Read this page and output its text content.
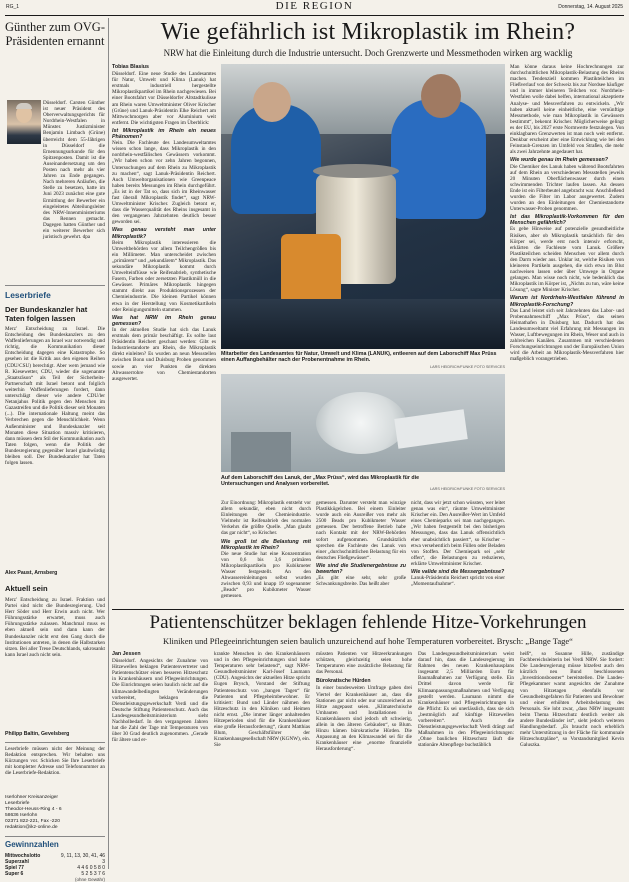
RG_1	DIE REGION	Donnerstag, 14. August 2025
Günther zum OVG-Präsidenten ernannt

Düsseldorf. Carsten Günther ist neuer Präsident des Oberverwaltungsgerichts für Nordrhein-Westfalen in Münster. Justizminister Benjamin Limbach (Grüne) überreicht dem 55-Jährigen in Düsseldorf die Ernennungsurkunde für den Spitzenposten. Damit ist die Auseinandersetzung um den Posten nach mehr als vier Jahren zu Ende gegangen. Nach mehreren Anläufen, die Stelle zu besetzen, hatte im Juni 2023 zunächst eine gute Ermittlung der Bewerber ein eingeleitetes Abteilungsleiter des NRW-Innenministeriums das Rennen gemacht. Dagegen hatten Günther und ein weiterer Bewerber sich juristisch gewehrt. dpa

Leserbriefe
Der Bundeskanzler hat Taten folgen lassen
Merz' Entscheidung zu Israel. Die Entscheidung des Bundeskanzlers zu den Waffenlieferungen an Israel war notwendig und richtig, die Kommunikation dieser Entscheidung dagegen eine Katastrophe. So gesehen ist die Kritik aus den eigenen Reihen (CDU/CSU) berechtigt. Aber wem jemand wie R. Kiesewetter, CDU, wieder die sogenannte „Staatsräson“ als Teil der Sicherheits-Partnerschaft mit Israel betont und folglich weiterhin Waffenlieferungen fordert, dann unterschlägt dieser wie andere CDU/ler Netanjahus Politik gegen den Menschen im Gazastreifen und die Politik dieser seit Monaten (...). Die internationale Haltung meint das Verbrechen gegen die Menschlichkeit. Wenn Außenminister und Bundeskanzler seit Monaten diese Situation massiv kritisieren, dann müssen dem Stil der Kommunikation auch Taten folgen, wenn die Politik der Bundesregierung gegenüber Israel glaubwürdig bleiben soll. Der Bundeskanzler hat Taten folgen lassen.
Alex Paust, Arnsberg
Aktuell sein
Merz' Entscheidung zu Israel. Fraktion und Partei sind nicht die Bundesregierung. Und Herr Söder und Herr Erwin auch nicht. Wer Führungsstärke erwartet, muss auch Führungsstärke zulassen. Manchmal muss es eben aktuell sein und dann kann der Bundeskanzler nicht erst den Gang durch die Institutionen antreten, in denen die Halbstarken sitzen. Bei aller Treue Deutschlands, sakrosankt kann Israel auch nicht sein.
Philipp Baltin, Gevelsberg
Leserbriefe müssen nicht der Meinung der Redaktion entsprechen. Wir behalten uns Kürzungen vor. Schicken Sie Ihre Leserbriefe mit kompletter Adresse und Telefonnummer an die Leserbriefe-Redaktion.
Iserlohner Kreisanzeiger
Leserbriefe
Theodor-Heuss-Ring 4 - 6
58636 Iserlohn
02371 822-221, Fax -220
redaktion@ikz-online.de
Gewinnzahlen
Mittwochslotto	9, 11, 13, 30, 41, 46
Superzahl	3
Spiel 77	4 4 6 0 5 8 0
Super 6	5 2 5 3 7 6
(ohne Gewähr)
Wie gefährlich ist Mikroplastik im Rhein?
NRW hat die Einleitung durch die Industrie untersucht. Doch Grenzwerte und Messmethoden wirken arg wacklig

Tobias Blasius

Düsseldorf. Eine neue Studie des Landesamtes für Natur, Umwelt und Klima (Lanuk) hat erstmals industriell hergestellte Mikroplastikpartikel im Rhein nachgewiesen. Bei einer Bootsfahrt vor Düsseldorfer Altstadtkulisse am Rhein waren Umweltminister Oliver Krischer (Grüne) und Lanuk-Präsidentin Elke Reichert am Mittwochmorgen aber vor Aluminium weit entfernt. Die wichtigsten Fragen im Überblick:

Ist Mikroplastik im Rhein ein neues Phänomen?

Nein. Die Fachleute des Landesumweltamtes wissen schon lange, dass Mikroplastik in den nordrhein-westfälischen Gewässern vorkommt. „Wir haben schon vor zehn Jahren begonnen, Untersuchungen auf dem Rhein zu Mikroplastik zu machen“, sagt Lanuk-Präsidentin Reichert. Auch Umweltorganisationen wie Greenpeace haben bereits Messungen im Rhein durchgeführt. „Es ist in der Tat so, dass sich im Rheinwasser fast überall Mikroplastik findet“, sagt NRW-Umweltminister Krischer. Zugleich betont er, dass die Wasserqualität des Rheins insgesamt in den vergangenen Jahrzehnten deutlich besser geworden sei.

Was genau versteht man unter Mikroplastik?

Beim Mikroplastik interessieren die Umweltbehörden vor allem Teilchengrößen bis ein Millimeter. Man unterscheidet zwischen „primärem“ und „sekundärem“ Mikroplastik. Das sekundäre Mikroplastik kommt durch Umwelteinflüsse wie Reifenabrieb, synthetische Fasern, Farben oder zersetzten Plastikmüll in die Gewässer. Primäres Mikroplastik hingegen stammt direkt aus Produktionsprozessen der Chemieindustrie. Die kleinen Partikel können etwa in der Herstellung von Kosmetikartikeln oder Reinigungsmitteln stammen.

Was hat NRW im Rhein genau gemessen?

In der aktuellen Studie hat sich das Lanuk erstmals dem primär beschäftigt. Es sollte laut Präsidentin Reichert geschaut werden: Gibt es Industriestandorte am Rhein, die Mikroplastik direkt einleiten? Es wurden an neun Messstellen zwischen Bonn und Duisburg Proben genommen sowie an vier Punkten die direkten Abwasserrohre von Chemiestandorten ausgewertet.

Mitarbeiter des Landesamtes für Natur, Umwelt und Klima (LANUK), entleeren auf dem Laborschiff Max Prüss einen Auffangbehälter nach der Probenentnahme im Rhein.
LARS HEIDRICH/FUNKE FOTO SERVICES
Auf dem Laborschiff des Lanuk, der „Max Prüss“, wird das Mikroplastik für die Untersuchungen und Analysen vorbereitet.
LARS HEIDRICH/FUNKE FOTO SERVICES

Zur Einordnung: Mikroplastik entsteht vor allem sekundär, eben nicht durch Einleitungen der Chemieindustrie. Vielmehr ist Reifenabrieb des normalen Verkehrs die größte Quelle. „Man glaubt das gar nicht“, so Krischer.

Wie groß ist die Belastung mit Mikroplastik im Rhein?

Die neue Studie hat eine Konzentration von 0,6 bis 3,6 primären Mikroplastikpartikeln pro Kubikmeter Wasser festgestellt. An den Abwassereinleitungen selbst wurden zwischen 0,93 und knapp 19 sogenannter „Beads“ pro Kubikmeter Wasser gemessen.

gemessen. Darunter versteht man winzige Plastikkügelchen. Bei einem Einleiter wurde auch ein Ausreißer von mehr als 2500 Beads pro Kubikmeter Wasser gemessen. Der betroffene Betrieb habe nach Kontakt mit der NRW-Behörden sofort aufgenommen. Grundsätzlich sprechen die Fachleute des Lanuk von einer „durchschnittlichen Belastung für ein deutsches Fließgewässer“.

Wie sind die Studienergebnisse zu bewerten?

„Es gibt eine sehr, sehr große Schwankungsbreite. Das heißt aber

nicht, dass wir jetzt schon wüssten, wer leitet genau was ein“, räumte Umweltminister Krischer ein. Den Ausreißer-Wert im Umfeld eines Chemieparks sei man nachgegangen. „Wir haben festgestellt bei den bisherigen Messungen, dass das Lanuk offensichtlich eher unabsichtlich passiert“, so Krischer – etwa versehentlich beim Füllen oder Beladen von Stoffen. Der Chemiepark sei „sehr offen“, die Belastungen zu reduzieren, erklärte Umweltminister Krischer.

Wie valide sind die Messergebnisse?

Lanuk-Präsidentin Reichert spricht von einer „Momentaufnahme“.

Man könne daraus keine Hochrechnungen zur durchschnittlichen Mikroplastik-Belastung des Rheins machen. Tendenziell kommen Plastikteilchen im Fließverlauf von der Schweiz bis zur Nordsee häufiger und in immer kleineren Teilchen vor. Nordrhein-Westfalen wolle dabei helfen, international akzeptierte Analyse- und Messverfahren zu entwickeln. „Wir haben aktuell keine einheitliche, eine vernünftige Messmethode, wie man Mikroplastik in Gewässern bestimmt“, bekennt Krischer. Möglicherweise gelingt es der EU, bis 2027 erste Normwerte festzulegen. Von einklagbaren Grenzwerten ist man noch weit entfernt. Denkbar erscheint aber eine Entwicklung wie bei den Feinstaub-Grenzen im Umfeld von Straßen, die mehr als zwei Jahrzehnte angedauert hat.

Wie wurde genau im Rhein gemessen?

Die Chemiker des Lanuk haben während Bootsfahrten auf dem Rhein an verschiedenen Messstellen jeweils 20 Minuten Oberflächenwasser durch einen schwimmenden Trichter laufen lassen. An dessen Ende ist ein Filterbeutel angebracht war. Anschließend wurden die Filter im Labor ausgewertet. Zudem wurden an den Einleitungen der Chemiestandorte Unterwasser-Proben genommen.

Ist das Mikroplastik-Vorkommen für den Menschen gefährlich?

Es gebe Hinweise auf potenzielle gesundheitliche Risiken, aber ob Mikroplastik tatsächlich für den Körper sei, werde erst noch intensiv erforscht, erklärten die Fachleute vom Lanuk. Größere Plastikteilchen scheiden Menschen vor allem durch den Darm wieder aus. Unklar ist, welche Risiken von kleineren Partikeln ausgehen, die sich etwa im Blut nachweisen lassen oder über Umwege in Organe gelangen. Man wisse noch nicht, wie bedenklich das Mikroplastik im Körper ist, „Nichts zu tun, wäre keine Lösung“, sagte Minister Krischer.

Warum ist Nordrhein-Westfalen führend in Mikroplastik-Forschung?

Das Land leistet sich seit Jahrzehnten das Labor- und Probennahmeschiff „Max Prüss“, das seinen Heimathafen in Duisburg hat. Dadurch hat das Landesumweltamt viel Erfahrung mit Messungen im Wasser, Luftbewegungen im Rhein, Weser und auch in zahlreichen Kanälen. Zusammen mit verschiedenen Forschungseinrichtungen und der Europäischen Union wird die Arbeit an Mikroplastik-Messverfahren hier maßgeblich vorangetrieben.

Patientenschützer beklagen fehlende Hitze-Vorkehrungen
Kliniken und Pflegeeinrichtungen seien baulich unzureichend auf hohe Temperaturen vorbereitet. Brysch: „Bange Tage“

Jan Jessen

Düsseldorf. Angesichts der Zunahme von Hitzewellen beklagen Patientenvertreter und Patientenschützer einen besseren Hitzeschutz in Krankenhäusern und Pflegeeinrichtungen. Die Einrichtungen seien baulich nicht auf die klimawandelbedingten Veränderungen vorbereitet, beklagen die Dienstleistungsgewerkschaft Verdi und die Deutsche Stiftung Patientenschutz. Auch das Landesgesundheitsministerium sieht Nachholbedarf. In den vergangenen Jahren hat die Zahl der Tage mit Temperaturen von über 30 Grad deutlich zugenommen. „Gerade für ältere und er-

krankte Menschen in den Krankenhäusern und in den Pflegeeinrichtungen sind hohe Temperaturen sehr belastend“, sagt NRW-Gesundheitsminister Karl-Josef Laumann (CDU). Angesichts der aktuellen Hitze spricht Eugen Brysch, Vorstand der Stiftung Patientenschutz von „bangen Tagen“ für Patienten und Pflegeheimbewohner. Er kritisiert: Bund und Länder nähmen den Hitzeschutz in den Kliniken und Heimen nicht ernst. „Die immer länger anhaltenden Hitzeperioden sind für die Krankenhäuser eine große Herausforderung“, räumt Matthias Blum, Geschäftsführer der Krankenhausgesellschaft NRW (KGNW), ein. Sie

müssten Patienten vor Hitzeerkrankungen schützen, gleichzeitig seien hohe Temperaturen eine zusätzliche Belastung für das Personal.

Bürokratische Hürden

In einer bundesweiten Umfrage gaben drei Viertel der Krankenhäuser an, dass die Stationen gar nicht oder nur unzureichend an Hitze angepasst seien. „Klimatechnische Umbauten und Installationen in Krankenhäusern sind jedoch oft schwierig, allein in den älteren Gebäuden“, so Blum. Hinzu kämen bürokratische Hürden. Die Anpassung an den Klimawandel sei für die Krankenhäuser eine „enorme finanzielle Herausforderung“.

Das Landesgesundheitsministerium weist darauf hin, dass die Landesregierung im Rahmen des neuen Krankenhausplans insgesamt 2,5 Milliarden Euro für Baumaßnahmen zur Verfügung stelle. Ein Drittel davon werde für Klimaanpassungsmaßnahmen und Verfügung gestellt werden. Laumann nimmt die Krankenhäuser und Pflegeeinrichtungen in die Pflicht: Es sei unerlässlich, dass sie sich „bestmöglich auf künftige Hitzewellen vorbereiten“. Auch die Dienstleistungsgewerkschaft Verdi drängt auf Maßnahmen in den Pflegeeinrichtungen: „Ohne baulichen Hitzeschutz läuft die stationäre Altenpflege buchstäblich

heiß“, so Susanne Hille, zuständige Fachbereichsleiterin bei Verdi NRW. Sie fordert: Die Landesregierung müsse hitzefest auch den kürzlich neu Bund beschlossenen „Investitionsbooster“ bereitstellen. Die Landes-Pflegekammer warnt angesichts der Zunahme von Hitzetagen ebenfalls vor Gesundheitsgefahren für Patienten und Bewohner und einer erhöhten Arbeitsbelastung des Personals. Sie lobt zwar, „dass NRW insgesamt beim Thema Hitzeschutz deutlich weiter als andere Bundesländer ist“, sieht jedoch weiteren Handlungsbedarf. „Es braucht noch erheblich mehr Unterstützung in der Fläche für kommunale Hitzeschutzpläne“, so Vorstandsmitglied Kevin Galuszka.
